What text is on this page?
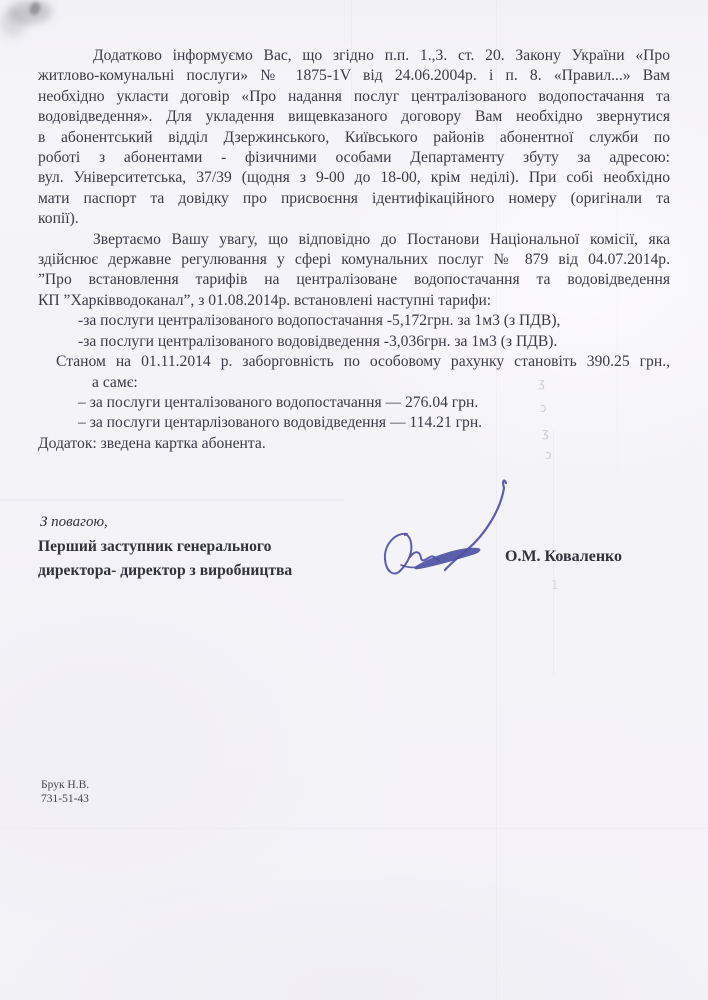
ʒ
ɔ
ʒ
ɔ
1
Додатково інформуємо Вас, що згідно п.п. 1.,3. ст. 20. Закону України «Про
житлово-комунальні послуги» № 1875-1V від 24.06.2004р. і п. 8. «Правил...» Вам
необхідно укласти договір «Про надання послуг централізованого водопостачання та
водовідведення». Для укладення вищевказаного договору Вам необхідно звернутися
в абонентський відділ Дзержинського, Київського районів абонентної служби по
роботі з абонентами - фізичними особами Департаменту збуту за адресою:
вул. Університетська, 37/39 (щодня з 9-00 до 18-00, крім неділі). При собі необхідно
мати паспорт та довідку про присвоєння ідентифікаційного номеру (оригінали та
копії).
Звертаємо Вашу увагу, що відповідно до Постанови Національної комісії, яка
здійснює державне регулювання у сфері комунальних послуг № 879 від 04.07.2014р.
”Про встановлення тарифів на централізоване водопостачання та водовідведення
КП ”Харківводоканал”, з 01.08.2014р. встановлені наступні тарифи:
-за послуги централізованого водопостачання -5,172грн. за 1м3 (з ПДВ),
-за послуги централізованого водовідведення -3,036грн. за 1м3 (з ПДВ).
Станом на 01.11.2014 р. заборговність по особовому рахунку становіть 390.25 грн.,
а самє:
– за послуги центалізованого водопостачання — 276.04 грн.
– за послуги центарлізованого водовідведення — 114.21 грн.
Додаток: зведена картка абонента.
З повагою,
Перший заступник генерального
директора- директор з виробництва
О.М. Коваленко
Брук Н.В.
731-51-43
